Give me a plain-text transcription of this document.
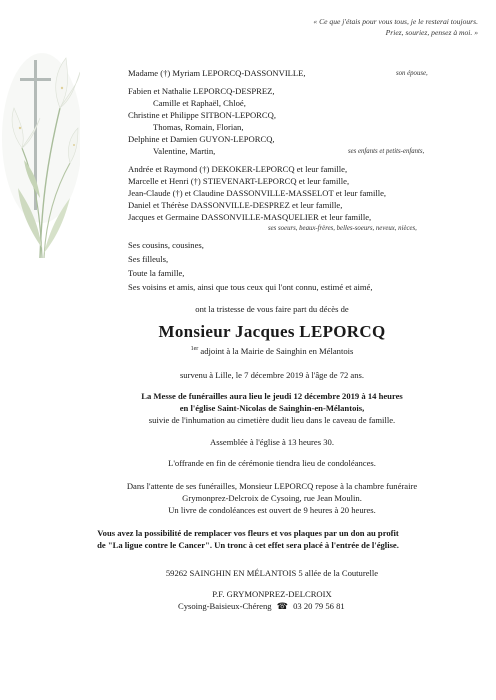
« Ce que j'étais pour vous tous, je le resterai toujours.
Priez, souriez, pensez à moi. »
Madame (†) Myriam LEPORCQ-DASSONVILLE,	son épouse,
Fabien et Nathalie LEPORCQ-DESPREZ,
Camille et Raphaël, Chloé,
Christine et Philippe SITBON-LEPORCQ,
Thomas, Romain, Florian,
Delphine et Damien GUYON-LEPORCQ,
Valentine, Martin,	ses enfants et petits-enfants,
Andrée et Raymond (†) DEKOKER-LEPORCQ et leur famille,
Marcelle et Henri (†) STIEVENART-LEPORCQ et leur famille,
Jean-Claude (†) et Claudine DASSONVILLE-MASSELOT et leur famille,
Daniel et Thérèse DASSONVILLE-DESPREZ et leur famille,
Jacques et Germaine DASSONVILLE-MASQUELIER et leur famille,
ses soeurs, beaux-frères, belles-soeurs, neveux, nièces,
Ses cousins, cousines,
Ses filleuls,
Toute la famille,
Ses voisins et amis, ainsi que tous ceux qui l'ont connu, estimé et aimé,
ont la tristesse de vous faire part du décès de
Monsieur Jacques LEPORCQ
$^{1er}$ adjoint à la Mairie de Sainghin en Mélantois
survenu à Lille, le 7 décembre 2019 à l'âge de 72 ans.
La Messe de funérailles aura lieu le jeudi 12 décembre 2019 à 14 heures
en l'église Saint-Nicolas de Sainghin-en-Mélantois,
suivie de l'inhumation au cimetière dudit lieu dans le caveau de famille.
Assemblée à l'église à 13 heures 30.
L'offrande en fin de cérémonie tiendra lieu de condoléances.
Dans l'attente de ses funérailles, Monsieur LEPORCQ repose à la chambre funéraire
Grymonprez-Delcroix de Cysoing, rue Jean Moulin.
Un livre de condoléances est ouvert de 9 heures à 20 heures.
Vous avez la possibilité de remplacer vos fleurs et vos plaques par un don au profit
de "La ligue contre le Cancer". Un tronc à cet effet sera placé à l'entrée de l'église.
59262 SAINGHIN EN MÉLANTOIS 5 allée de la Couturelle
P.F. GRYMONPREZ-DELCROIX
Cysoing-Baisieux-Chéreng ☎ 03 20 79 56 81
